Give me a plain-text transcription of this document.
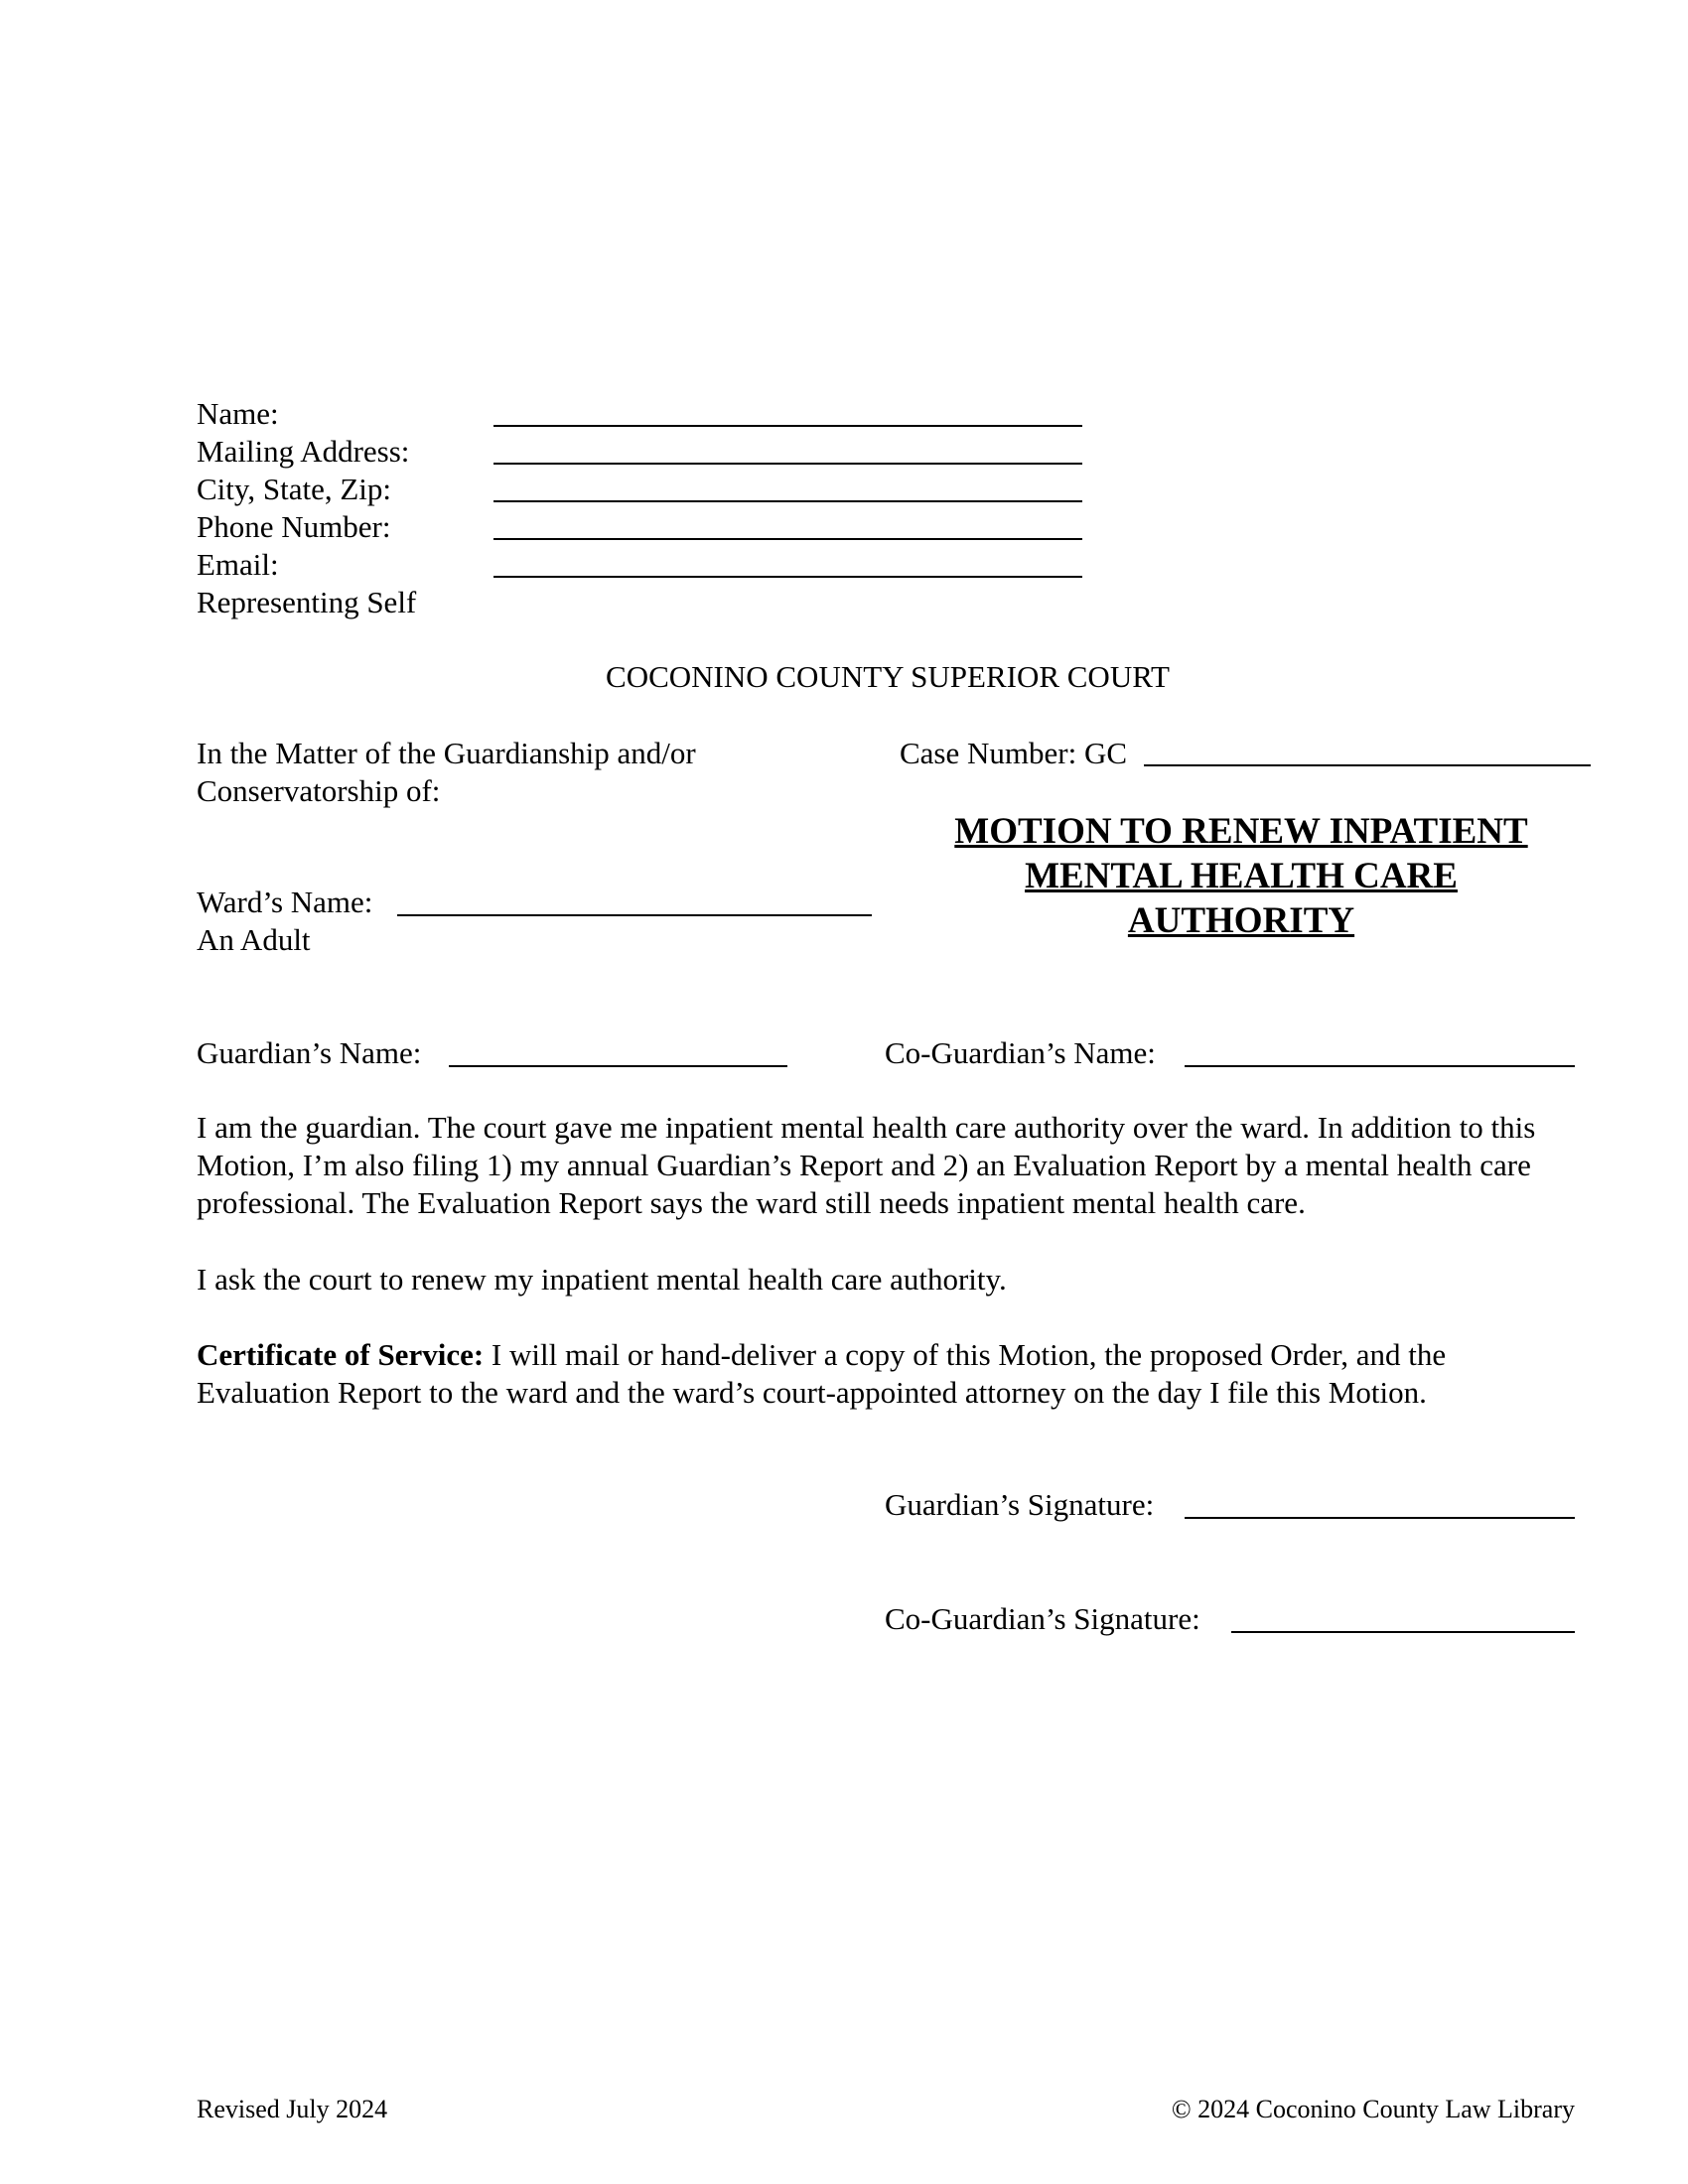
Name:
Mailing Address:
City, State, Zip:
Phone Number:
Email:
Representing Self
COCONINO COUNTY SUPERIOR COURT
In the Matter of the Guardianship and/or
Conservatorship of:
Case Number: GC
MOTION TO RENEW INPATIENT
MENTAL HEALTH CARE
AUTHORITY
Ward’s Name:
An Adult
Guardian’s Name:	Co-Guardian’s Name:
I am the guardian. The court gave me inpatient mental health care authority over the ward. In addition to this Motion, I’m also filing 1) my annual Guardian’s Report and 2) an Evaluation Report by a mental health care professional. The Evaluation Report says the ward still needs inpatient mental health care.
I ask the court to renew my inpatient mental health care authority.
Certificate of Service: I will mail or hand-deliver a copy of this Motion, the proposed Order, and the Evaluation Report to the ward and the ward’s court-appointed attorney on the day I file this Motion.
Guardian’s Signature:
Co-Guardian’s Signature:
Revised July 2024	© 2024 Coconino County Law Library
